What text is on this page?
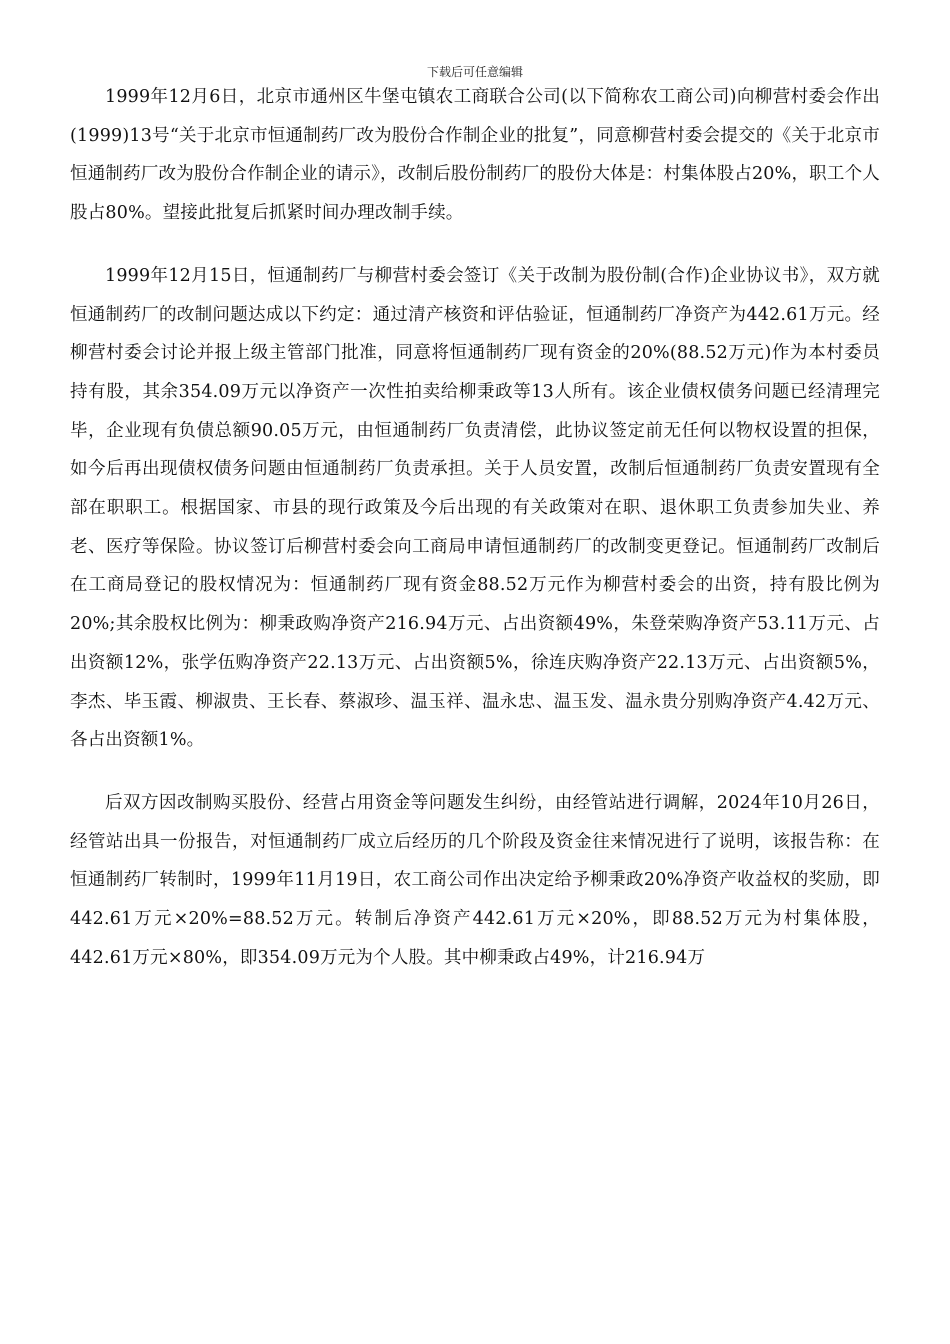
下载后可任意编辑

1999年12月6日，北京市通州区牛堡屯镇农工商联合公司(以下简称农工商公司)向柳营村委会作出(1999)13号“关于北京市恒通制药厂改为股份合作制企业的批复”，同意柳营村委会提交的《关于北京市恒通制药厂改为股份合作制企业的请示》，改制后股份制药厂的股份大体是：村集体股占20%，职工个人股占80%。望接此批复后抓紧时间办理改制手续。

1999年12月15日，恒通制药厂与柳营村委会签订《关于改制为股份制(合作)企业协议书》，双方就恒通制药厂的改制问题达成以下约定：通过清产核资和评估验证，恒通制药厂净资产为442.61万元。经柳营村委会讨论并报上级主管部门批准，同意将恒通制药厂现有资金的20%(88.52万元)作为本村委员持有股，其余354.09万元以净资产一次性拍卖给柳秉政等13人所有。该企业债权债务问题已经清理完毕，企业现有负债总额90.05万元，由恒通制药厂负责清偿，此协议签定前无任何以物权设置的担保，如今后再出现债权债务问题由恒通制药厂负责承担。关于人员安置，改制后恒通制药厂负责安置现有全部在职职工。根据国家、市县的现行政策及今后出现的有关政策对在职、退休职工负责参加失业、养老、医疗等保险。协议签订后柳营村委会向工商局申请恒通制药厂的改制变更登记。恒通制药厂改制后在工商局登记的股权情况为：恒通制药厂现有资金88.52万元作为柳营村委会的出资，持有股比例为20%;其余股权比例为：柳秉政购净资产216.94万元、占出资额49%，朱登荣购净资产53.11万元、占出资额12%，张学伍购净资产22.13万元、占出资额5%，徐连庆购净资产22.13万元、占出资额5%，李杰、毕玉霞、柳淑贵、王长春、蔡淑珍、温玉祥、温永忠、温玉发、温永贵分别购净资产4.42万元、各占出资额1%。

后双方因改制购买股份、经营占用资金等问题发生纠纷，由经管站进行调解，2024年10月26日，经管站出具一份报告，对恒通制药厂成立后经历的几个阶段及资金往来情况进行了说明，该报告称：在恒通制药厂转制时，1999年11月19日，农工商公司作出决定给予柳秉政20%净资产收益权的奖励，即442.61万元×20%=88.52万元。转制后净资产442.61万元×20%，即88.52万元为村集体股，442.61万元×80%，即354.09万元为个人股。其中柳秉政占49%，计216.94万
